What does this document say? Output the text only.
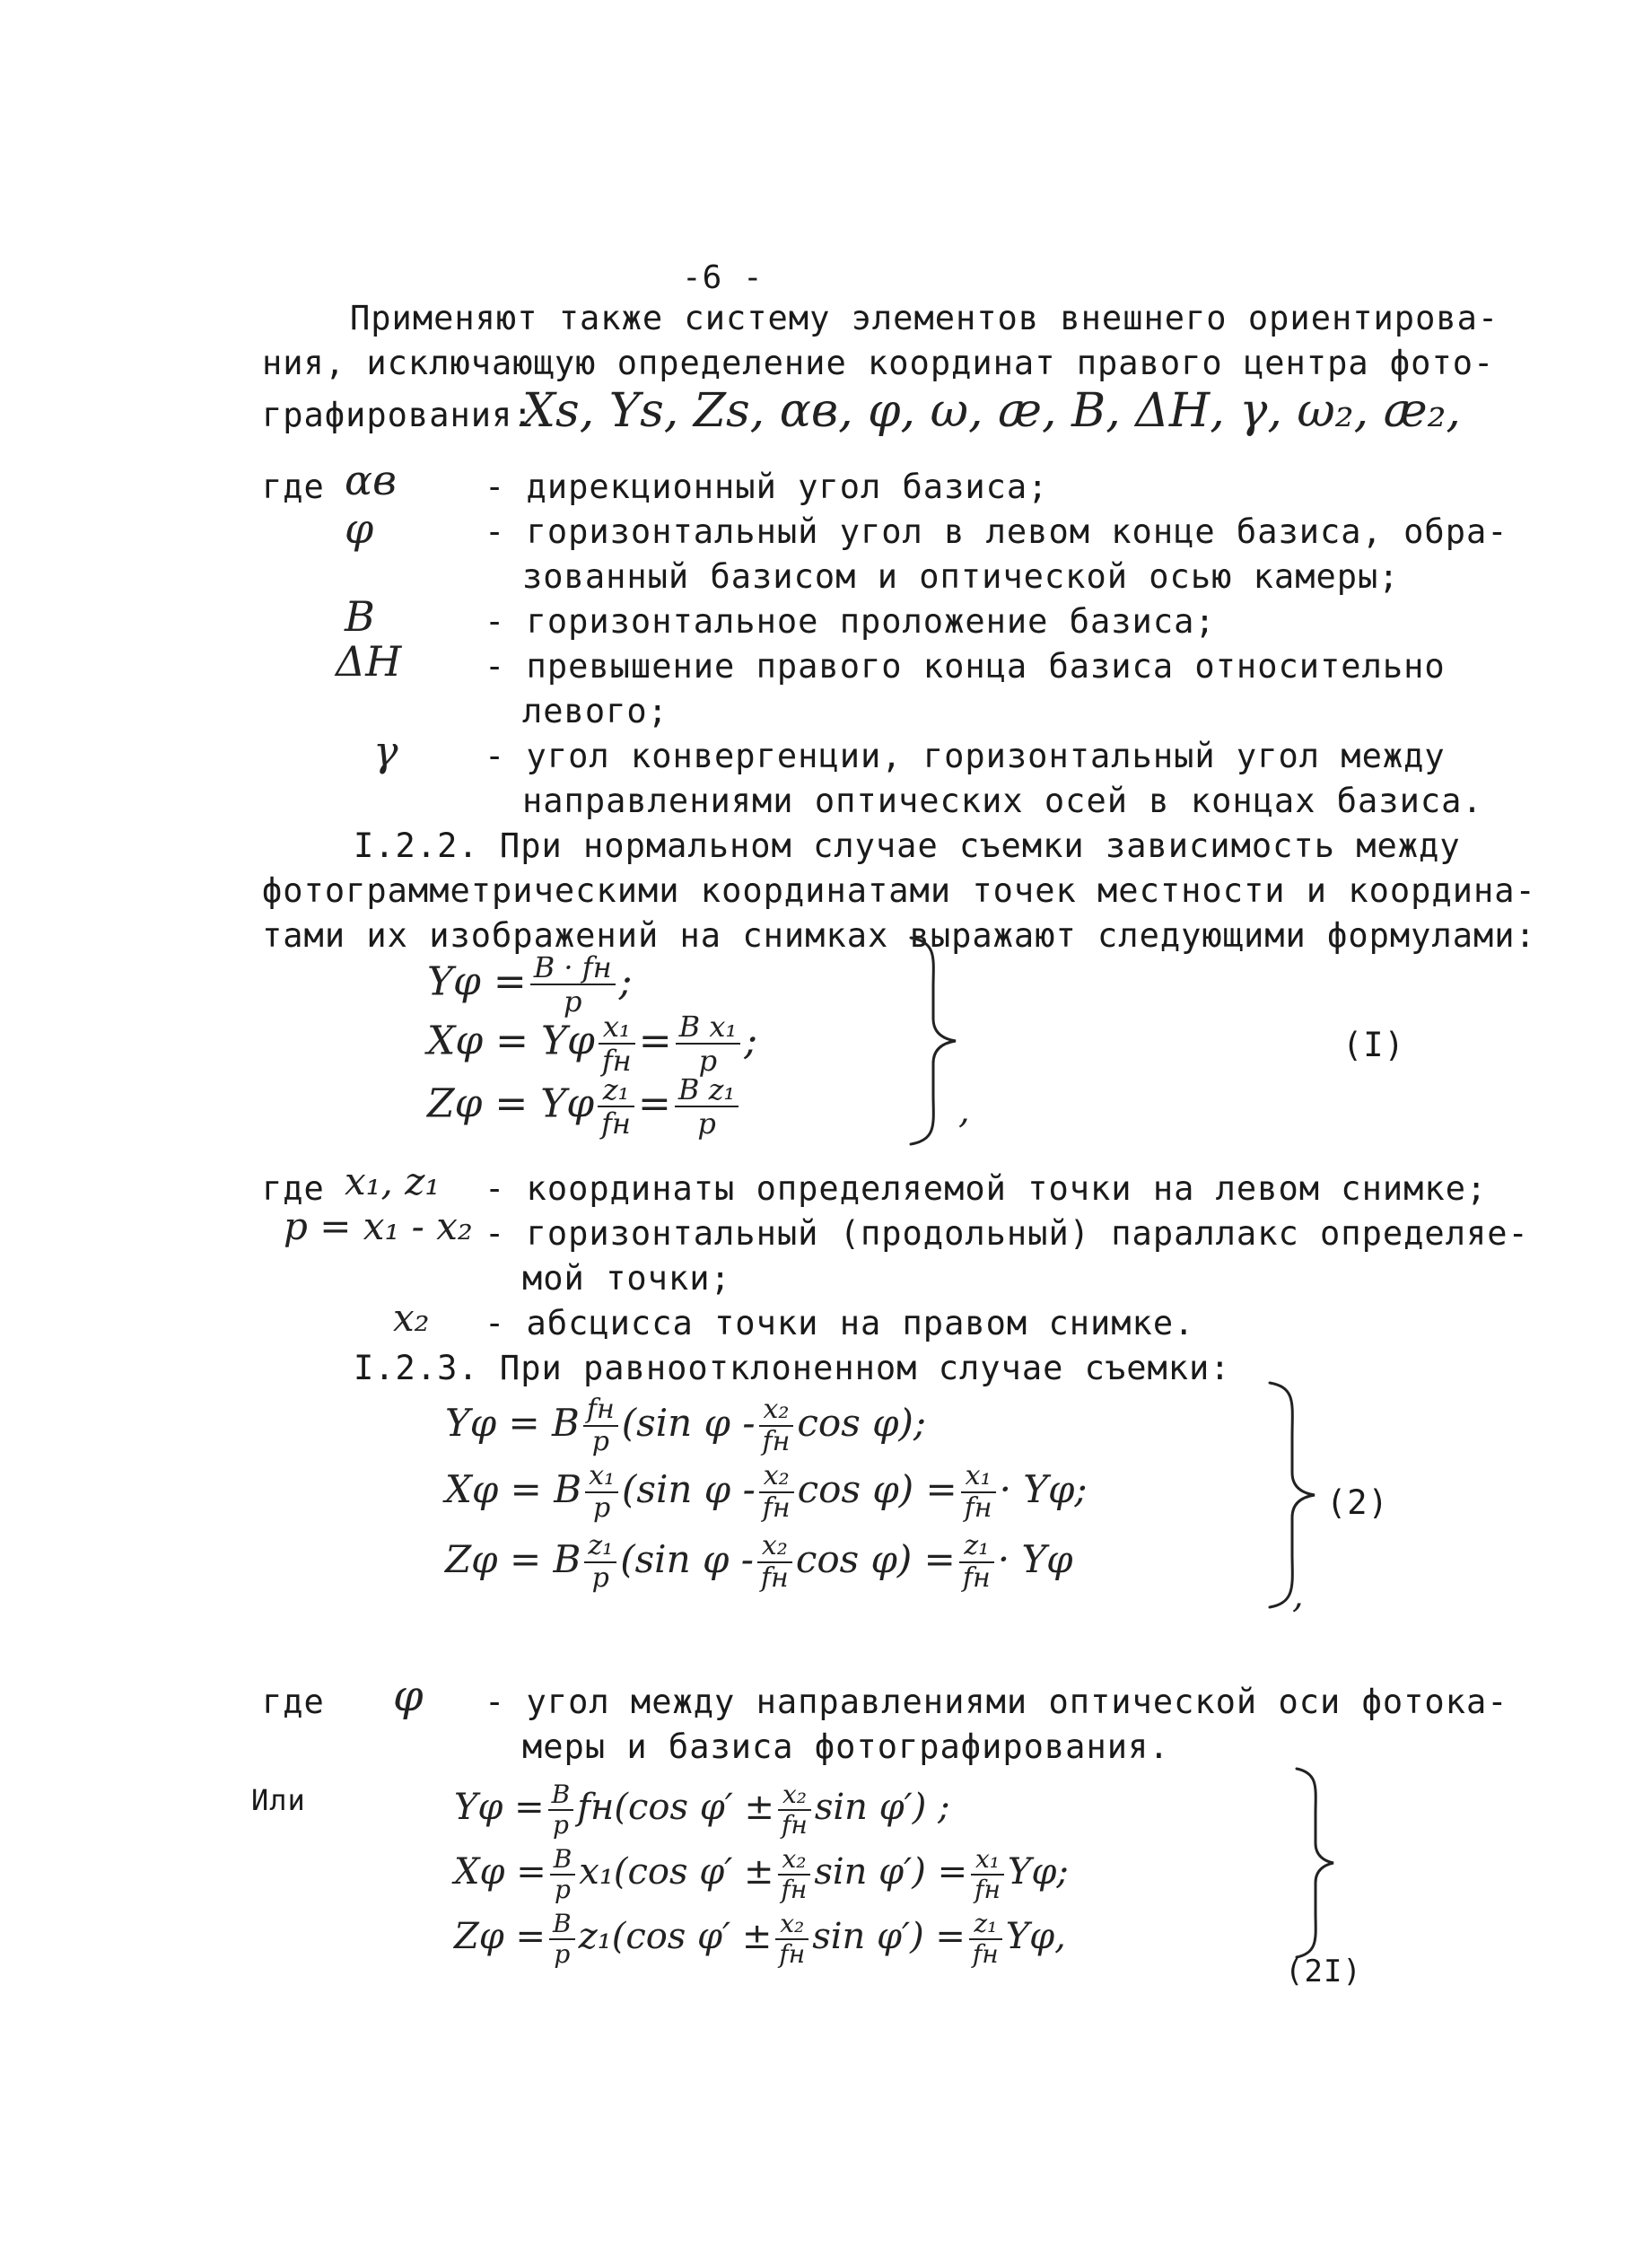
-6 -
Применяют также систему элементов внешнего ориентирова-
ния, исключающую определение координат правого центра фото-
графирования:
Xs, Ys, Zs, αв, φ, ω, æ, B, ΔH, γ, ω₂, æ₂,
где αв	- дирекционный угол базиса;
φ	- горизонтальный угол в левом конце базиса, обра-
зованный базисом и оптической осью камеры;
B	- горизонтальное проложение базиса;
ΔH	- превышение правого конца базиса относительно
левого;
γ	- угол конвергенции, горизонтальный угол между
направлениями оптических осей в концах базиса.
I.2.2. При нормальном случае съемки зависимость между
фотограмметрическими координатами точек местности и координа-
тами их изображений на снимках выражают следующими формулами:
$Y\varphi = \frac{B \cdot fн}{p}$ ;
Xφ = Yφ $\frac{\text{x₁}}{fн} = \frac{\text{B x₁}}{p}$ ;
Zφ = Yφ $\frac{\text{z₁}}{fн} = \frac{\text{B z₁}}{p}$	,
(I)
где x₁, z₁ - координаты определяемой точки на левом снимке;
p = x₁ - x₂ - горизонтальный (продольный) параллакс определяе-
мой точки;
x₂ - абсцисса точки на правом снимке.
I.2.3. При равноотклоненном случае съемки:
Yφ = B $\frac{fн}{p} (\sin$ φ - $\frac{\text{x₂}}{fн}$ cos φ);
Xφ = B $\frac{\text{x₁}}{p} (\sin$ φ - $\frac{\text{x₂}}{fн}$ $\cos \varphi) = \frac{\text{x₁}}{fн} \cdot Y\varphi$;
Zφ = B $\frac{\text{z₁}}{p} (\sin$ φ - $\frac{\text{x₂}}{fн}$ $\cos \varphi) = \frac{\text{z₁}}{fн} \cdot Y\varphi$
,
(2)
где φ - угол между направлениями оптической оси фотока-
меры и базиса фотографирования.
Или	$Y\varphi = \frac{B}{p} fн(\cos$ $\varphi' \pm \frac{\text{x₂}}{fн}$ sin φ′) ;
$X\varphi = \frac{B}{p} x_1(\cos$ $\varphi' \pm \frac{\text{x₂}}{fн}$ $\sin \varphi') = \frac{\text{x₁}}{fн} Y\varphi$;
$Z\varphi = \frac{B}{p} z_1(\cos$ $\varphi' \pm \frac{\text{x₂}}{fн}$ $\sin \varphi') = \frac{\text{z₁}}{fн} Y\varphi$,
(2I)
